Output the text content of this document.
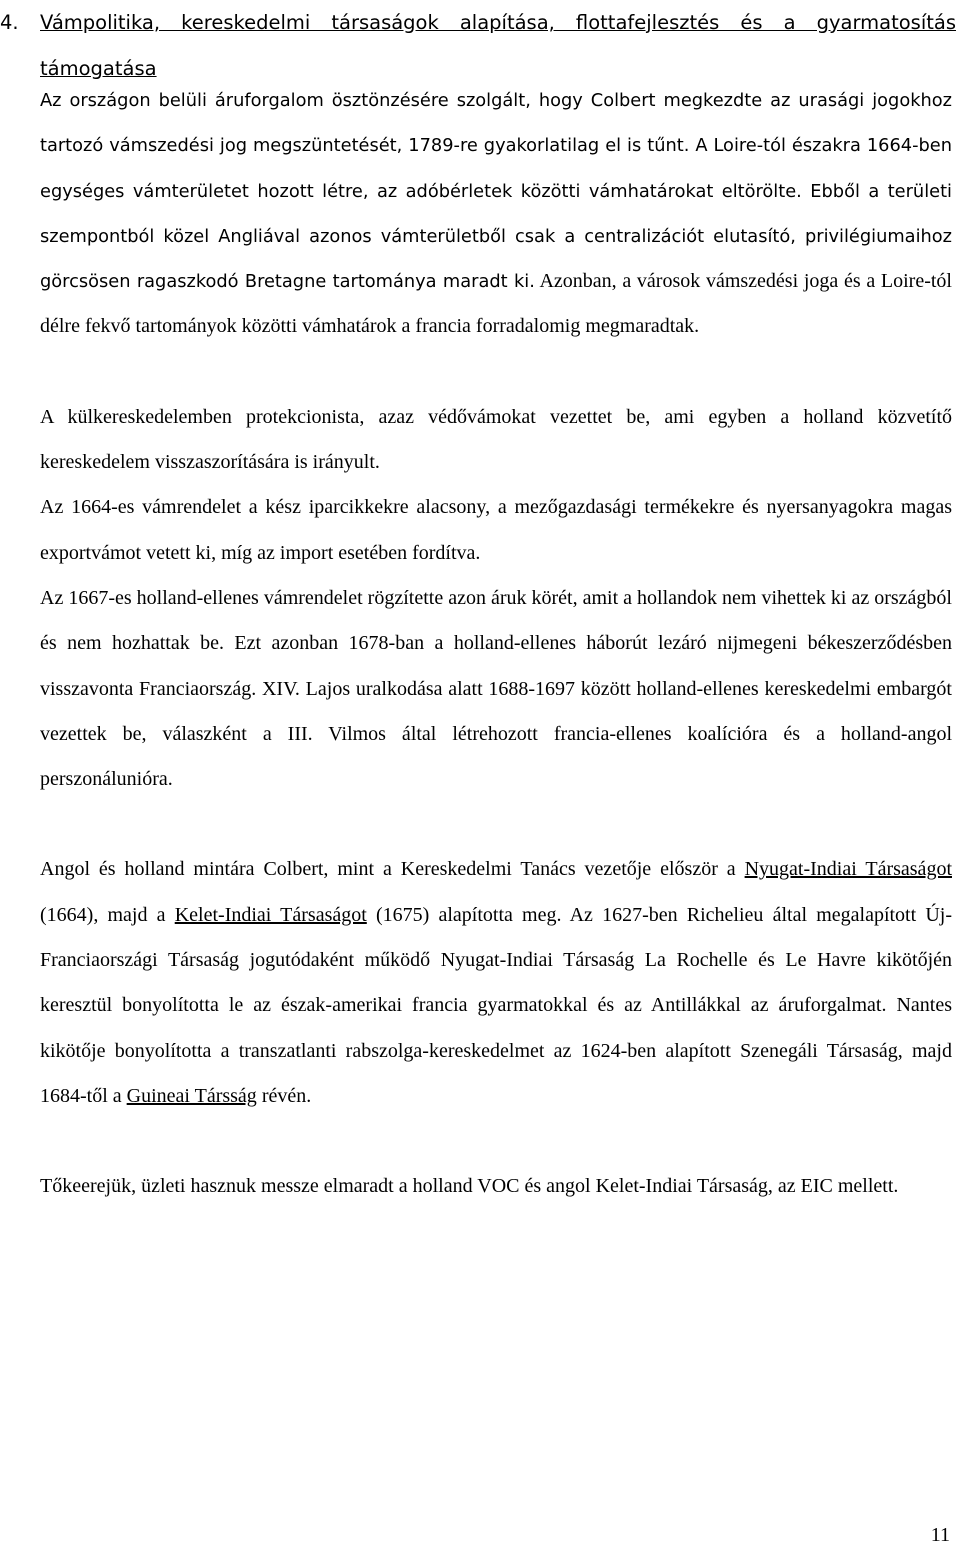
4. Vámpolitika, kereskedelmi társaságok alapítása, flottafejlesztés és a gyarmatosítás támogatása

Az országon belüli áruforgalom ösztönzésére szolgált, hogy Colbert megkezdte az urasági jogokhoz tartozó vámszedési jog megszüntetését, 1789-re gyakorlatilag el is tűnt. A Loire-tól északra 1664-ben egységes vámterületet hozott létre, az adóbérletek közötti vámhatárokat eltörölte. Ebből a területi szempontból közel Angliával azonos vámterületből csak a centralizációt elutasító, privilégiumaihoz görcsösen ragaszkodó Bretagne tartománya maradt ki. Azonban, a városok vámszedési joga és a Loire-tól délre fekvő tartományok közötti vámhatárok a francia forradalomig megmaradtak.

A külkereskedelemben protekcionista, azaz védővámokat vezettet be, ami egyben a holland közvetítő kereskedelem visszaszorítására is irányult.

Az 1664-es vámrendelet a kész iparcikkekre alacsony, a mezőgazdasági termékekre és nyersanyagokra magas exportvámot vetett ki, míg az import esetében fordítva.

Az 1667-es holland-ellenes vámrendelet rögzítette azon áruk körét, amit a hollandok nem vihettek ki az országból és nem hozhattak be. Ezt azonban 1678-ban a holland-ellenes háborút lezáró nijmegeni békeszerződésben visszavonta Franciaország. XIV. Lajos uralkodása alatt 1688-1697 között holland-ellenes kereskedelmi embargót vezettek be, válaszként a III. Vilmos által létrehozott francia-ellenes koalícióra és a holland-angol perszonálunióra.

Angol és holland mintára Colbert, mint a Kereskedelmi Tanács vezetője először a Nyugat-Indiai Társaságot (1664), majd a Kelet-Indiai Társaságot (1675) alapította meg. Az 1627-ben Richelieu által megalapított Új-Franciaországi Társaság jogutódaként működő Nyugat-Indiai Társaság La Rochelle és Le Havre kikötőjén keresztül bonyolította le az észak-amerikai francia gyarmatokkal és az Antillákkal az áruforgalmat. Nantes kikötője bonyolította a transzatlanti rabszolga-kereskedelmet az 1624-ben alapított Szenegáli Társaság, majd 1684-től a Guineai Társság révén.

Tőkeerejük, üzleti hasznuk messze elmaradt a holland VOC és angol Kelet-Indiai Társaság, az EIC mellett.

11
